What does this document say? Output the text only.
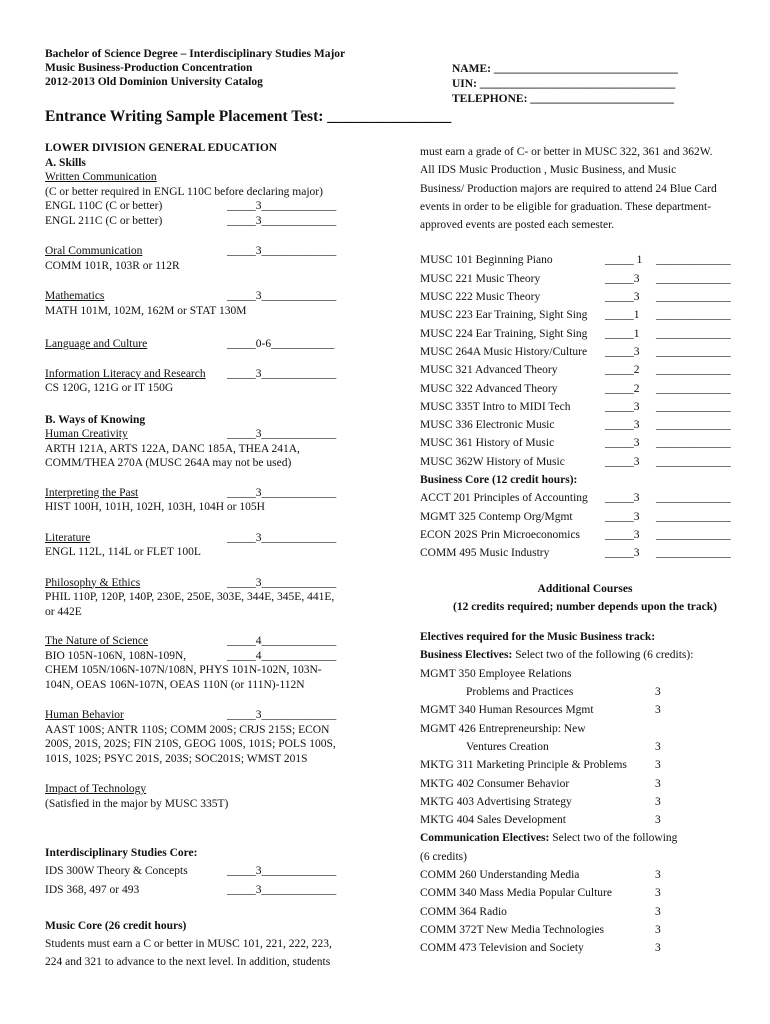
Bachelor of Science Degree – Interdisciplinary Studies Major
Music Business-Production Concentration
2012-2013 Old Dominion University Catalog
NAME: ________________________________
UIN: __________________________________
TELEPHONE: _________________________
Entrance Writing Sample Placement Test: ________________
LOWER DIVISION GENERAL EDUCATION
A. Skills
Written Communication
(C or better required in ENGL 110C before declaring major)
ENGL 110C (C or better)	_____3_____________
ENGL 211C (C or better)	_____3_____________
Oral Communication	_____3_____________
COMM 101R, 103R or 112R
Mathematics	_____3_____________
MATH 101M, 102M, 162M or STAT 130M
Language and Culture	_____0-6___________
Information Literacy and Research _____3_____________
CS 120G, 121G or IT 150G
B. Ways of Knowing
Human Creativity	_____3_____________
ARTH 121A, ARTS 122A, DANC 185A, THEA 241A,
COMM/THEA 270A (MUSC 264A may not be used)
Interpreting the Past	_____3_____________
HIST 100H, 101H, 102H, 103H, 104H or 105H
Literature	_____3_____________
ENGL 112L, 114L or FLET 100L
Philosophy & Ethics	_____3_____________
PHIL 110P, 120P, 140P, 230E, 250E, 303E, 344E, 345E, 441E,
or 442E
The Nature of Science	_____4_____________
BIO 105N-106N, 108N-109N,	_____4_____________
CHEM 105N/106N-107N/108N, PHYS 101N-102N, 103N-
104N, OEAS 106N-107N, OEAS 110N (or 111N)-112N
Human Behavior	_____3_____________
AAST 100S; ANTR 110S; COMM 200S; CRJS 215S; ECON
200S, 201S, 202S; FIN 210S, GEOG 100S, 101S; POLS 100S,
101S, 102S; PSYC 201S, 203S; SOC201S; WMST 201S
Impact of Technology
(Satisfied in the major by MUSC 335T)
Interdisciplinary Studies Core:
IDS 300W Theory & Concepts	_____3_____________
IDS 368, 497 or 493	_____3_____________
Music Core (26 credit hours)
Students must earn a C or better in MUSC 101, 221, 222, 223,
224 and 321 to advance to the next level. In addition, students
must earn a grade of C- or better in MUSC 322, 361 and 362W.
All IDS Music Production , Music Business, and Music
Business/ Production majors are required to attend 24 Blue Card
events in order to be eligible for graduation. These department-
approved events are posted each semester.
MUSC 101 Beginning Piano	_____ 1 _____________
MUSC 221 Music Theory	_____3 _____________
MUSC 222 Music Theory	_____3 _____________
MUSC 223 Ear Training, Sight Sing _____1 _____________
MUSC 224 Ear Training, Sight Sing _____1 _____________
MUSC 264A Music History/Culture _____3 _____________
MUSC 321 Advanced Theory	_____2 _____________
MUSC 322 Advanced Theory	_____2 _____________
MUSC 335T Intro to MIDI Tech	_____3 _____________
MUSC 336 Electronic Music	_____3 _____________
MUSC 361 History of Music	_____3 _____________
MUSC 362W History of Music	_____3 _____________
Business Core (12 credit hours):
ACCT 201 Principles of Accounting _____3 _____________
MGMT 325 Contemp Org/Mgmt	_____3 _____________
ECON 202S Prin Microeconomics _____3 _____________
COMM 495 Music Industry	_____3 _____________
Additional Courses
(12 credits required; number depends upon the track)
Electives required for the Music Business track:
Business Electives: Select two of the following (6 credits):
MGMT 350 Employee Relations
Problems and Practices	3
MGMT 340 Human Resources Mgmt	3
MGMT 426 Entrepreneurship: New
Ventures Creation	3
MKTG 311 Marketing Principle & Problems 3
MKTG 402 Consumer Behavior	3
MKTG 403 Advertising Strategy	3
MKTG 404 Sales Development	3
Communication Electives: Select two of the following
(6 credits)
COMM 260 Understanding Media	3
COMM 340 Mass Media Popular Culture	3
COMM 364 Radio	3
COMM 372T New Media Technologies	3
COMM 473 Television and Society	3
